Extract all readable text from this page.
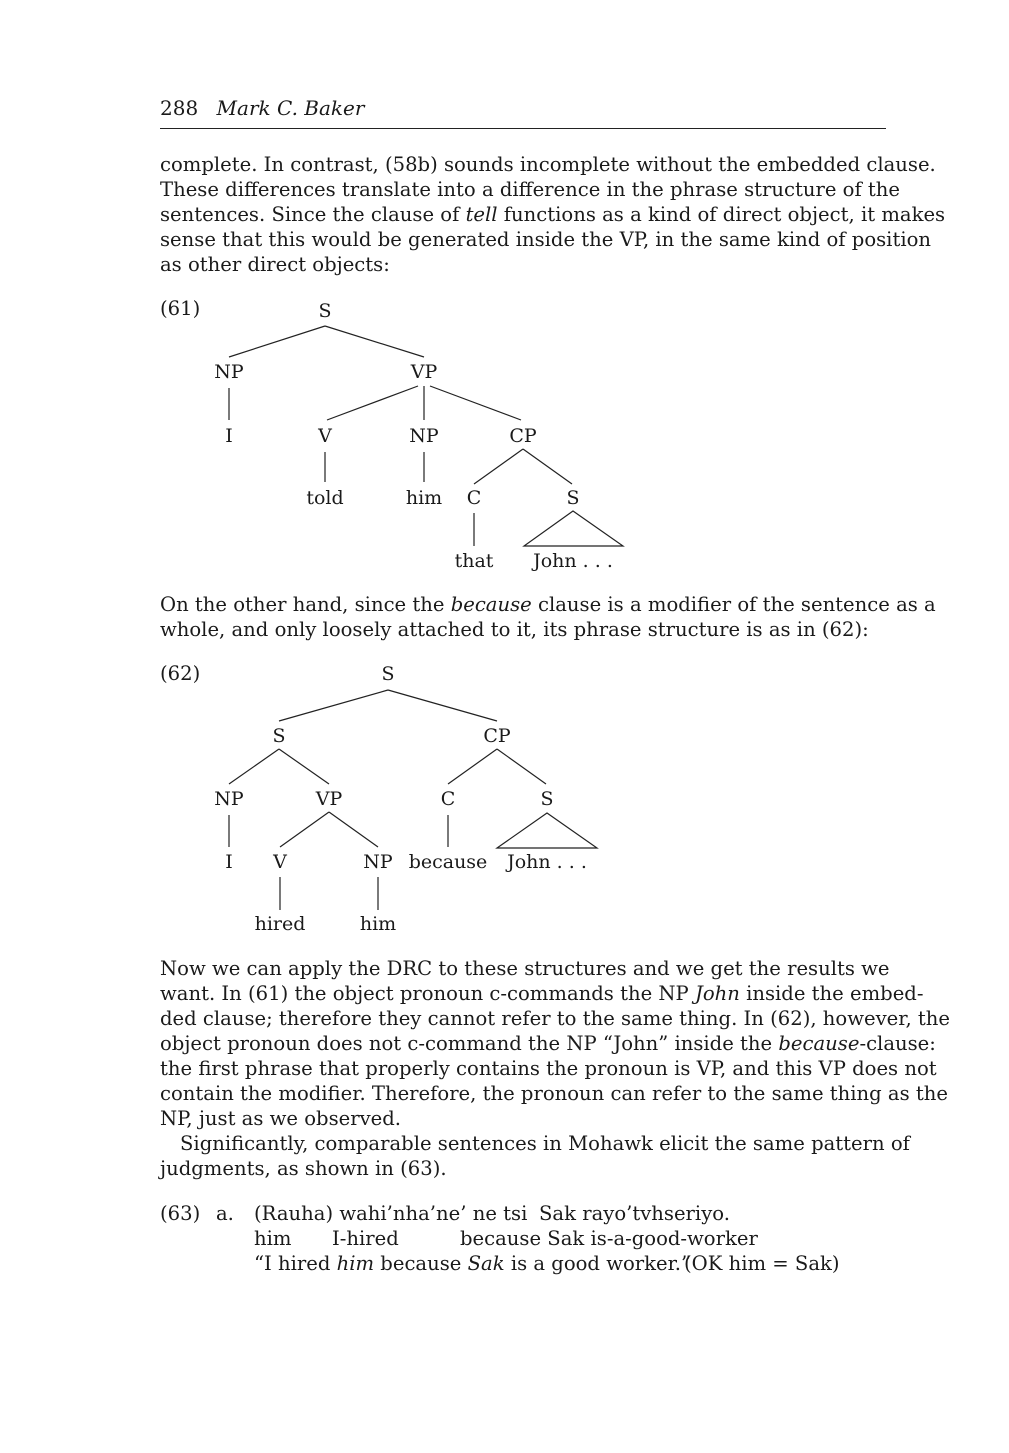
288 Mark C. Baker
complete. In contrast, (58b) sounds incomplete without the embedded clause.
These differences translate into a difference in the phrase structure of the
sentences. Since the clause of tell functions as a kind of direct object, it makes
sense that this would be generated inside the VP, in the same kind of position
as other direct objects:
(61)	S
NP	VP
I	V	NP	CP
told	him C	S
that John . . .
On the other hand, since the because clause is a modifier of the sentence as a
whole, and only loosely attached to it, its phrase structure is as in (62):
(62)	S
S	CP
NP	VP	C	S
I V	NP because John . . .
hired	him
Now we can apply the DRC to these structures and we get the results we
want. In (61) the object pronoun c-commands the NP John inside the embed-
ded clause; therefore they cannot refer to the same thing. In (62), however, the
object pronoun does not c-command the NP “John” inside the because-clause:
the first phrase that properly contains the pronoun is VP, and this VP does not
contain the modifier. Therefore, the pronoun can refer to the same thing as the
NP, just as we observed.
Significantly, comparable sentences in Mohawk elicit the same pattern of
judgments, as shown in (63).
(63) a. (Rauha) wahi’nha’ne’ ne tsi Sak rayo’tvhseriyo.
him I-hired	because Sak is-a-good-worker
“I hired him because Sak is a good worker.”
(OK him = Sak)
